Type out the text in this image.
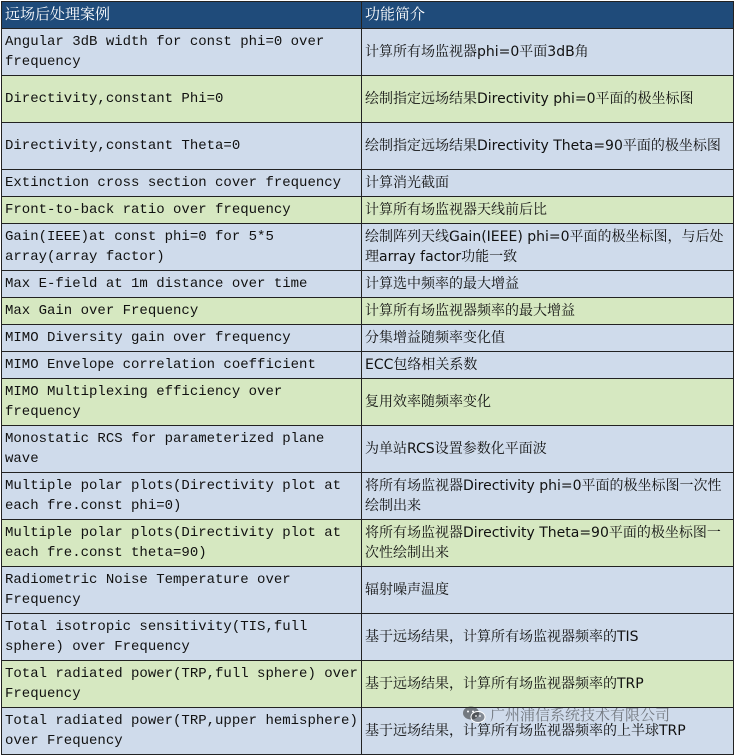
远场后处理案例	功能简介
Angular 3dB width for const phi=0 over frequency	计算所有场监视器phi=0平面3dB角
Directivity,constant Phi=0	绘制指定远场结果Directivity phi=0平面的极坐标图
Directivity,constant Theta=0	绘制指定远场结果Directivity Theta=90平面的极坐标图
Extinction cross section cover frequency	计算消光截面
Front-to-back ratio over frequency	计算所有场监视器天线前后比
Gain(IEEE)at const phi=0 for 5*5 array(array factor)	绘制阵列天线Gain(IEEE) phi=0平面的极坐标图，与后处理array factor功能一致
Max E-field at 1m distance over time	计算选中频率的最大增益
Max Gain over Frequency	计算所有场监视器频率的最大增益
MIMO Diversity gain over frequency	分集增益随频率变化值
MIMO Envelope correlation coefficient	ECC包络相关系数
MIMO Multiplexing efficiency over frequency	复用效率随频率变化
Monostatic RCS for parameterized plane wave	为单站RCS设置参数化平面波
Multiple polar plots(Directivity plot at each fre.const phi=0)	将所有场监视器Directivity phi=0平面的极坐标图一次性绘制出来
Multiple polar plots(Directivity plot at each fre.const theta=90)	将所有场监视器Directivity Theta=90平面的极坐标图一次性绘制出来
Radiometric Noise Temperature over Frequency	辐射噪声温度
Total isotropic sensitivity(TIS,full sphere) over Frequency	基于远场结果，计算所有场监视器频率的TIS
Total radiated power(TRP,full sphere) over Frequency	基于远场结果，计算所有场监视器频率的TRP
Total radiated power(TRP,upper hemisphere) over Frequency	基于远场结果，计算所有场监视器频率的上半球TRP
广州浦信系统技术有限公司
